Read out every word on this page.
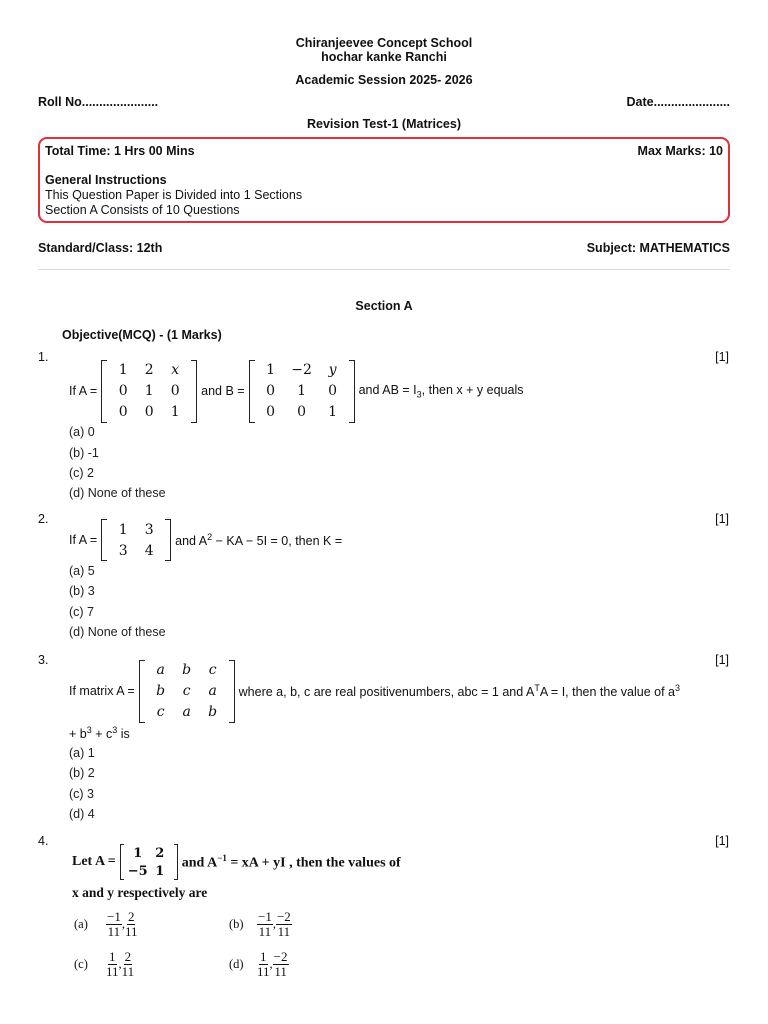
Chiranjeevee Concept School
hochar kanke Ranchi
Academic Session 2025- 2026
Roll No......................	Date......................
Revision Test-1 (Matrices)
Total Time: 1 Hrs 00 Mins	Max Marks: 10
General Instructions
This Question Paper is Divided into 1 Sections
Section A Consists of 10 Questions
Standard/Class: 12th	Subject: MATHEMATICS
Section A
Objective(MCQ) - (1 Marks)
1.	[1]
If A =
1	2	x
0	1	0
0	0	1
and B =
1	−2	y
0	1	0
0	0	1
and AB = $I_3$, then x + y equals
(a) 0
(b) -1
(c) 2
(d) None of these
2.	[1]
If A =
1	3
3	4
and $A^2$ − KA − 5I = 0, then K =
(a) 5
(b) 3
(c) 7
(d) None of these
3.	[1]
If matrix A =
a	b	c
b	c	a
c	a	b
where a, b, c are real positivenumbers, abc = 1 and $A^TA = I$, then the value of $a^3$
+ $b^3 + c^3$ is
(a) 1
(b) 2
(c) 3
(d) 4
4.	[1]
Let A =
1 2
−5 1
and $A^{-1}$ = xA + yI , then the values of
x and y respectively are
(a)	$\frac{-1}{11}$ , $\frac{2}{11}$	(b)	$\frac{-1}{11}$ , $\frac{-2}{11}$
(c)	$\frac{1}{11}$ , $\frac{2}{11}$	(d)	$\frac{1}{11}$ , $\frac{-2}{11}$
